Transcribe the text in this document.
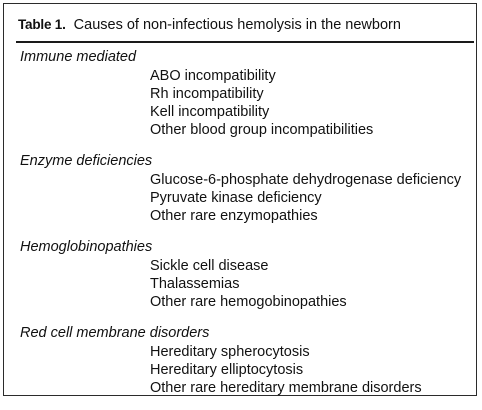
Table 1. Causes of non-infectious hemolysis in the newborn
Immune mediated
ABO incompatibility
Rh incompatibility
Kell incompatibility
Other blood group incompatibilities
Enzyme deficiencies
Glucose-6-phosphate dehydrogenase deficiency
Pyruvate kinase deficiency
Other rare enzymopathies
Hemoglobinopathies
Sickle cell disease
Thalassemias
Other rare hemogobinopathies
Red cell membrane disorders
Hereditary spherocytosis
Hereditary elliptocytosis
Other rare hereditary membrane disorders
